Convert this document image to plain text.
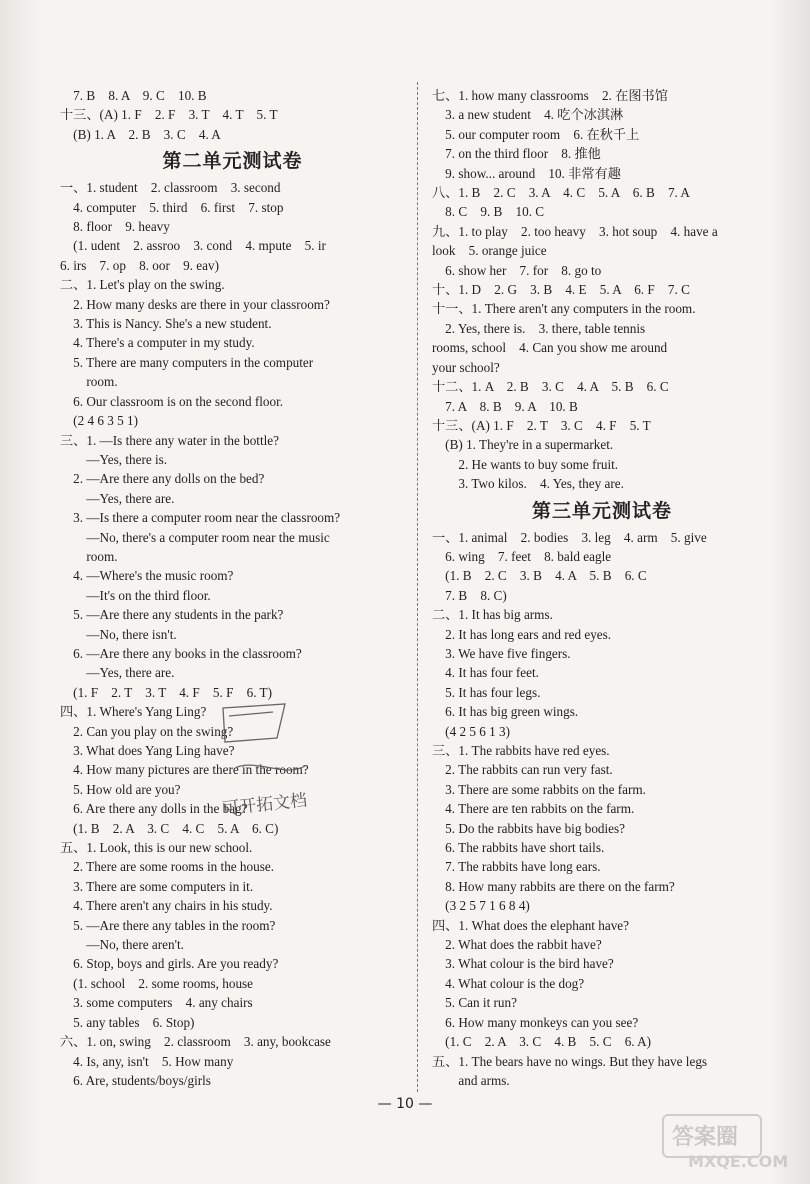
　7. B　8. A　9. C　10. B
十三、(A) 1. F　2. F　3. T　4. T　5. T
　(B) 1. A　2. B　3. C　4. A
第二单元测试卷
一、1. student　2. classroom　3. second
　4. computer　5. third　6. first　7. stop
　8. floor　9. heavy
　(1. udent　2. assroo　3. cond　4. mpute　5. ir
6. irs　7. op　8. oor　9. eav)
二、1. Let's play on the swing.
　2. How many desks are there in your classroom?
　3. This is Nancy. She's a new student.
　4. There's a computer in my study.
　5. There are many computers in the computer
　　room.
　6. Our classroom is on the second floor.
　(2 4 6 3 5 1)
三、1. —Is there any water in the bottle?
　　—Yes, there is.
　2. —Are there any dolls on the bed?
　　—Yes, there are.
　3. —Is there a computer room near the classroom?
　　—No, there's a computer room near the music
　　room.
　4. —Where's the music room?
　　—It's on the third floor.
　5. —Are there any students in the park?
　　—No, there isn't.
　6. —Are there any books in the classroom?
　　—Yes, there are.
　(1. F　2. T　3. T　4. F　5. F　6. T)
四、1. Where's Yang Ling?
　2. Can you play on the swing?
　3. What does Yang Ling have?
　4. How many pictures are there in the room?
　5. How old are you?
　6. Are there any dolls in the bag?
　(1. B　2. A　3. C　4. C　5. A　6. C)
五、1. Look, this is our new school.
　2. There are some rooms in the house.
　3. There are some computers in it.
　4. There aren't any chairs in his study.
　5. —Are there any tables in the room?
　　—No, there aren't.
　6. Stop, boys and girls. Are you ready?
　(1. school　2. some rooms, house
　3. some computers　4. any chairs
　5. any tables　6. Stop)
六、1. on, swing　2. classroom　3. any, bookcase
　4. Is, any, isn't　5. How many
　6. Are, students/boys/girls
七、1. how many classrooms　2. 在图书馆
　3. a new student　4. 吃个冰淇淋
　5. our computer room　6. 在秋千上
　7. on the third floor　8. 推他
　9. show... around　10. 非常有趣
八、1. B　2. C　3. A　4. C　5. A　6. B　7. A
　8. C　9. B　10. C
九、1. to play　2. too heavy　3. hot soup　4. have a
look　5. orange juice
　6. show her　7. for　8. go to
十、1. D　2. G　3. B　4. E　5. A　6. F　7. C
十一、1. There aren't any computers in the room.
　2. Yes, there is.　3. there, table tennis
rooms, school　4. Can you show me around
your school?
十二、1. A　2. B　3. C　4. A　5. B　6. C
　7. A　8. B　9. A　10. B
十三、(A) 1. F　2. T　3. C　4. F　5. T
　(B) 1. They're in a supermarket.
　　2. He wants to buy some fruit.
　　3. Two kilos.　4. Yes, they are.
第三单元测试卷
一、1. animal　2. bodies　3. leg　4. arm　5. give
　6. wing　7. feet　8. bald eagle
　(1. B　2. C　3. B　4. A　5. B　6. C
　7. B　8. C)
二、1. It has big arms.
　2. It has long ears and red eyes.
　3. We have five fingers.
　4. It has four feet.
　5. It has four legs.
　6. It has big green wings.
　(4 2 5 6 1 3)
三、1. The rabbits have red eyes.
　2. The rabbits can run very fast.
　3. There are some rabbits on the farm.
　4. There are ten rabbits on the farm.
　5. Do the rabbits have big bodies?
　6. The rabbits have short tails.
　7. The rabbits have long ears.
　8. How many rabbits are there on the farm?
　(3 2 5 7 1 6 8 4)
四、1. What does the elephant have?
　2. What does the rabbit have?
　3. What colour is the bird have?
　4. What colour is the dog?
　5. Can it run?
　6. How many monkeys can you see?
　(1. C　2. A　3. C　4. B　5. C　6. A)
五、1. The bears have no wings. But they have legs
　　and arms.
可开拓文档
— 10 —
答案圈
MXQE.COM
